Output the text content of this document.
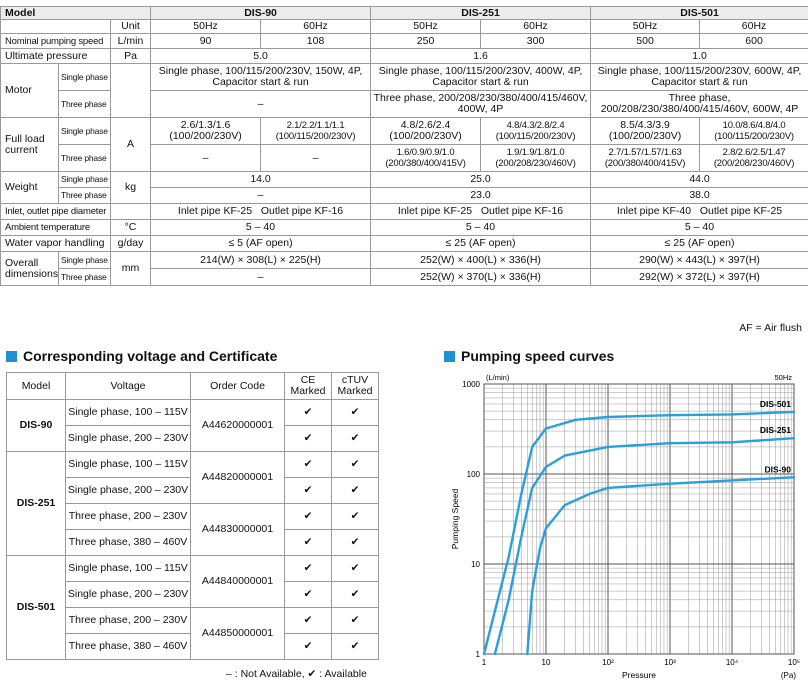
Model			DIS-90		DIS-251		DIS-501	
		Unit	50Hz	60Hz	50Hz	60Hz	50Hz	60Hz
Nominal pumping speed		L/min	90	108	250	300	500	600
Ultimate pressure		Pa	5.0		1.6		1.0	
Motor	Single phase		Single phase, 100/115/200/230V, 150W, 4P, Capacitor start & run		Single phase, 100/115/200/230V, 400W, 4P, Capacitor start & run		Single phase, 100/115/200/230V, 600W, 4P, Capacitor start & run	
	Three phase		–		Three phase, 200/208/230/380/400/415/460V, 400W, 4P		Three phase, 200/208/230/380/400/415/460V, 600W, 4P	
Full load current	Single phase	A	2.6/1.3/1.6 (100/200/230V)	2.1/2.2/1.1/1.1 (100/115/200/230V)	4.8/2.6/2.4 (100/200/230V)	4.8/4.3/2.8/2.4 (100/115/200/230V)	8.5/4.3/3.9 (100/200/230V)	10.0/8.6/4.8/4.0 (100/115/200/230V)
	Three phase		–	–	1.6/0.9/0.9/1.0 (200/380/400/415V)	1.9/1.9/1.8/1.0 (200/208/230/460V)	2.7/1.57/1.57/1.63 (200/380/400/415V)	2.8/2.6/2.5/1.47 (200/208/230/460V)
Weight	Single phase	kg	14.0		25.0		44.0	
	Three phase		–		23.0		38.0	
Inlet, outlet pipe diameter			Inlet pipe KF-25 Outlet pipe KF-16		Inlet pipe KF-25 Outlet pipe KF-16		Inlet pipe KF-40 Outlet pipe KF-25	
Ambient temperature		°C	5 – 40		5 – 40		5 – 40	
Water vapor handling		g/day	≤ 5 (AF open)		≤ 25 (AF open)		≤ 25 (AF open)	
Overall dimensions	Single phase	mm	214(W) × 308(L) × 225(H)		252(W) × 400(L) × 336(H)		290(W) × 443(L) × 397(H)	
	Three phase		–		252(W) × 370(L) × 336(H)		292(W) × 372(L) × 397(H)	
AF = Air flush
Corresponding voltage and Certificate	Pumping speed curves
Model	Voltage	Order Code	CE Marked	cTUV Marked
DIS-90	Single phase, 100 – 115V	A44620000001	✔	✔
	Single phase, 200 – 230V		✔	✔
DIS-251	Single phase, 100 – 115V	A44820000001	✔	✔
	Single phase, 200 – 230V		✔	✔
	Three phase, 200 – 230V	A44830000001	✔	✔
	Three phase, 380 – 460V		✔	✔
DIS-501	Single phase, 100 – 115V	A44840000001	✔	✔
	Single phase, 200 – 230V		✔	✔
	Three phase, 200 – 230V	A44850000001	✔	✔
	Three phase, 380 – 460V		✔	✔
– : Not Available, ✔ : Available
1	10	10²	10³	10⁴	10⁵
1
10
100
1000
Pressure	(Pa)
Pumping Speed
(L/min)	50Hz
DIS-501
DIS-251
DIS-90
